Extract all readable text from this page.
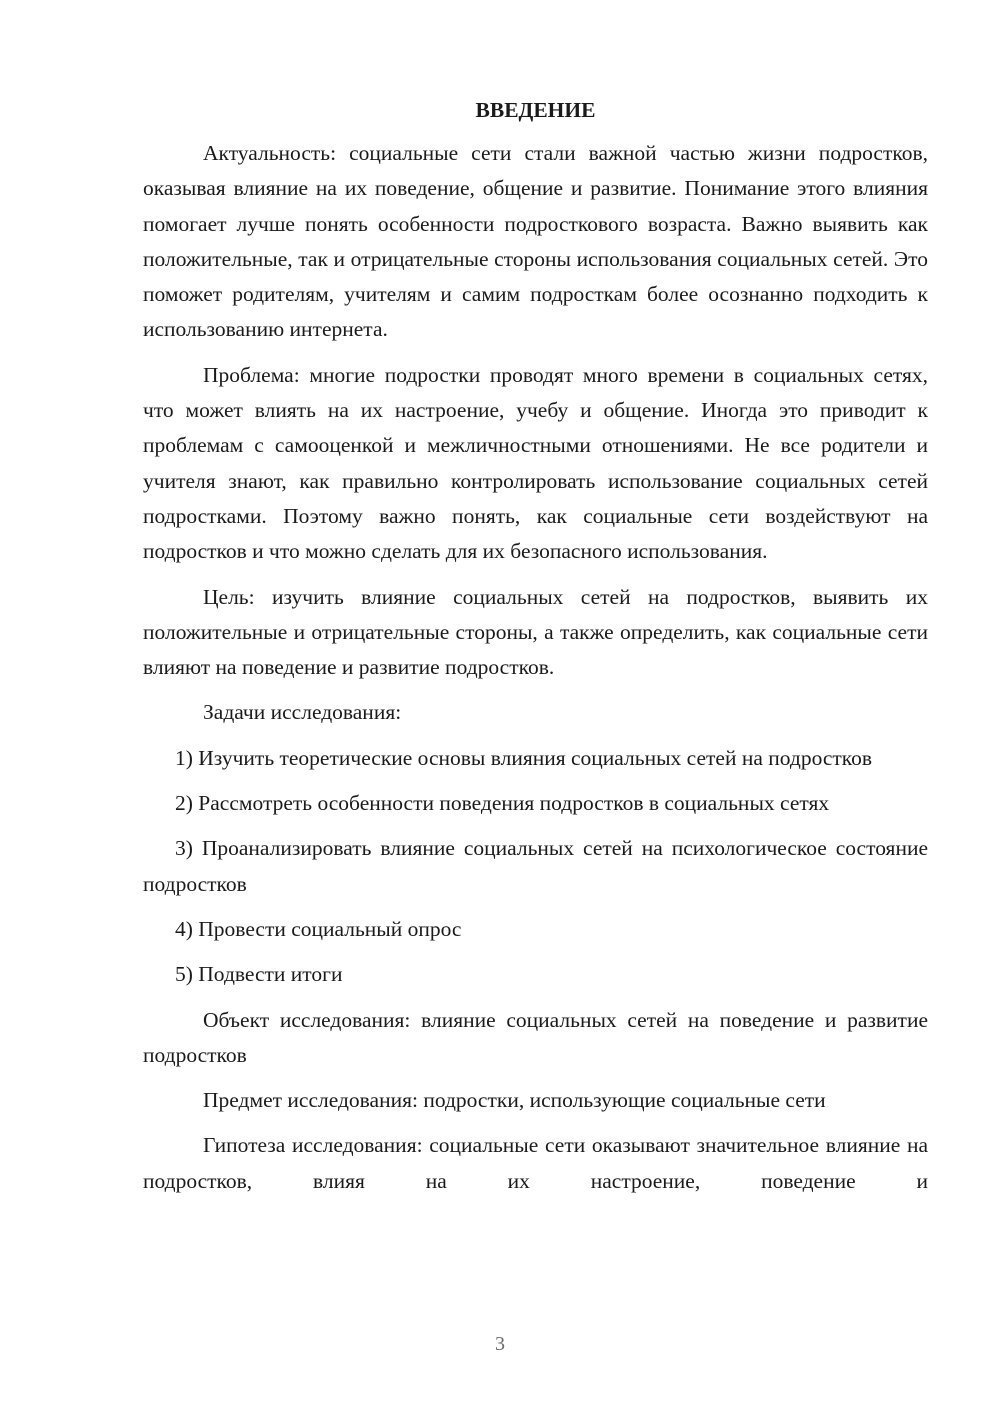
ВВЕДЕНИЕ

Актуальность: социальные сети стали важной частью жизни подростков, оказывая влияние на их поведение, общение и развитие. Понимание этого влияния помогает лучше понять особенности подросткового возраста. Важно выявить как положительные, так и отрицательные стороны использования социальных сетей. Это поможет родителям, учителям и самим подросткам более осознанно подходить к использованию интернета.

Проблема: многие подростки проводят много времени в социальных сетях, что может влиять на их настроение, учебу и общение. Иногда это приводит к проблемам с самооценкой и межличностными отношениями. Не все родители и учителя знают, как правильно контролировать использование социальных сетей подростками. Поэтому важно понять, как социальные сети воздействуют на подростков и что можно сделать для их безопасного использования.

Цель: изучить влияние социальных сетей на подростков, выявить их положительные и отрицательные стороны, а также определить, как социальные сети влияют на поведение и развитие подростков.

Задачи исследования:

1) Изучить теоретические основы влияния социальных сетей на подростков

2) Рассмотреть особенности поведения подростков в социальных сетях

3) Проанализировать влияние социальных сетей на психологическое состояние подростков

4) Провести социальный опрос

5) Подвести итоги

Объект исследования: влияние социальных сетей на поведение и развитие подростков

Предмет исследования: подростки, использующие социальные сети

Гипотеза исследования: социальные сети оказывают значительное влияние на подростков, влияя на их настроение, поведение и

3
